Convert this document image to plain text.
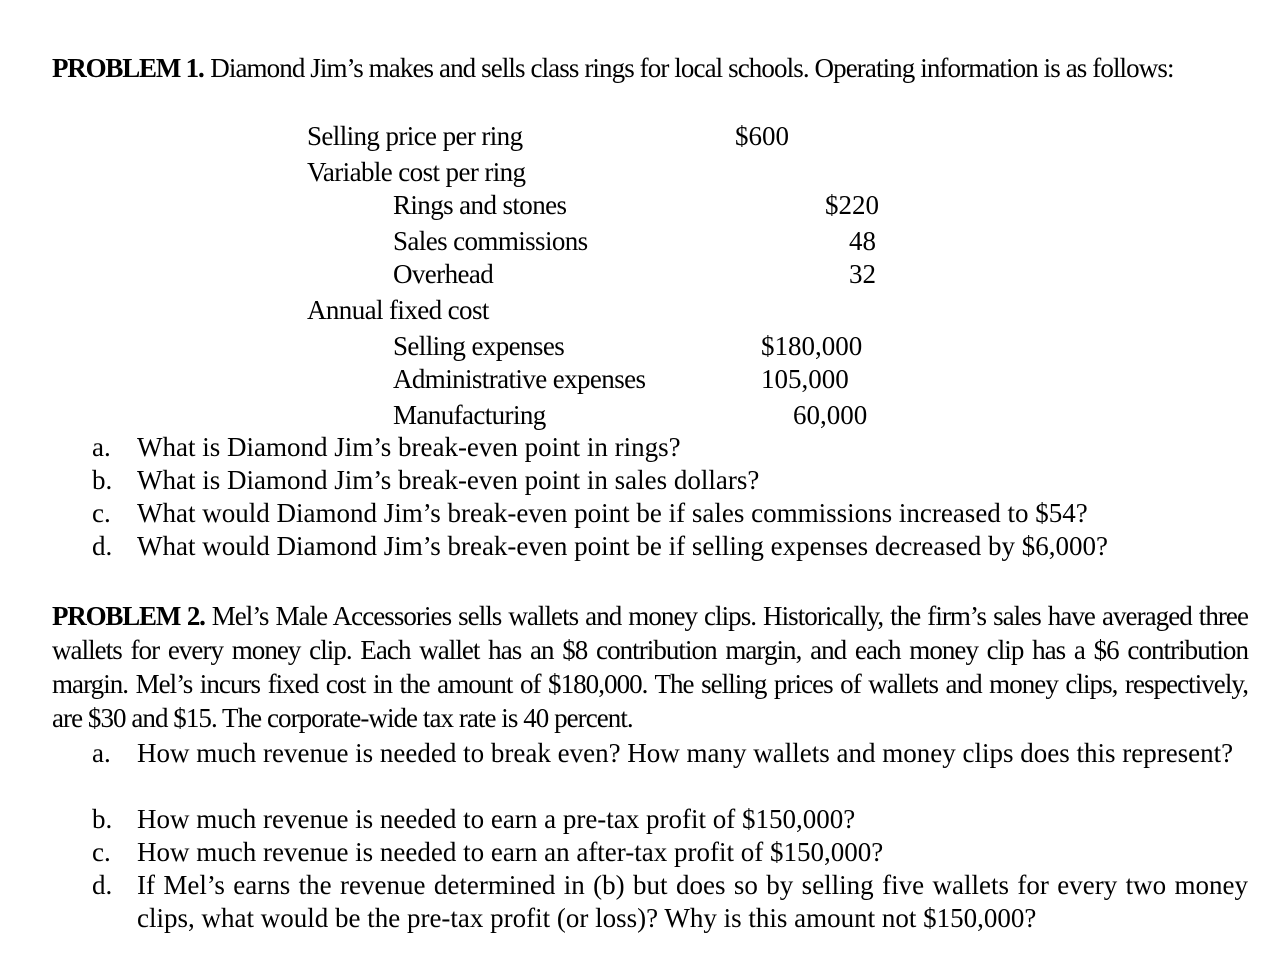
PROBLEM 1. Diamond Jim’s makes and sells class rings for local schools. Operating information is as follows:
Selling price per ring	$600
Variable cost per ring
Rings and stones	$220
Sales commissions	48
Overhead	32
Annual fixed cost
Selling expenses	$180,000
Administrative expenses	105,000
Manufacturing	60,000
a. What is Diamond Jim’s break-even point in rings?
b. What is Diamond Jim’s break-even point in sales dollars?
c. What would Diamond Jim’s break-even point be if sales commissions increased to $54?
d. What would Diamond Jim’s break-even point be if selling expenses decreased by $6,000?
PROBLEM 2. Mel’s Male Accessories sells wallets and money clips. Historically, the firm’s sales have averaged three wallets for every money clip. Each wallet has an $8 contribution margin, and each money clip has a $6 contribution margin. Mel’s incurs fixed cost in the amount of $180,000. The selling prices of wallets and money clips, respectively, are $30 and $15. The corporate-wide tax rate is 40 percent.
a. How much revenue is needed to break even? How many wallets and money clips does this represent?
b. How much revenue is needed to earn a pre-tax profit of $150,000?
c. How much revenue is needed to earn an after-tax profit of $150,000?
d. If Mel’s earns the revenue determined in (b) but does so by selling five wallets for every two money clips, what would be the pre-tax profit (or loss)? Why is this amount not $150,000?
